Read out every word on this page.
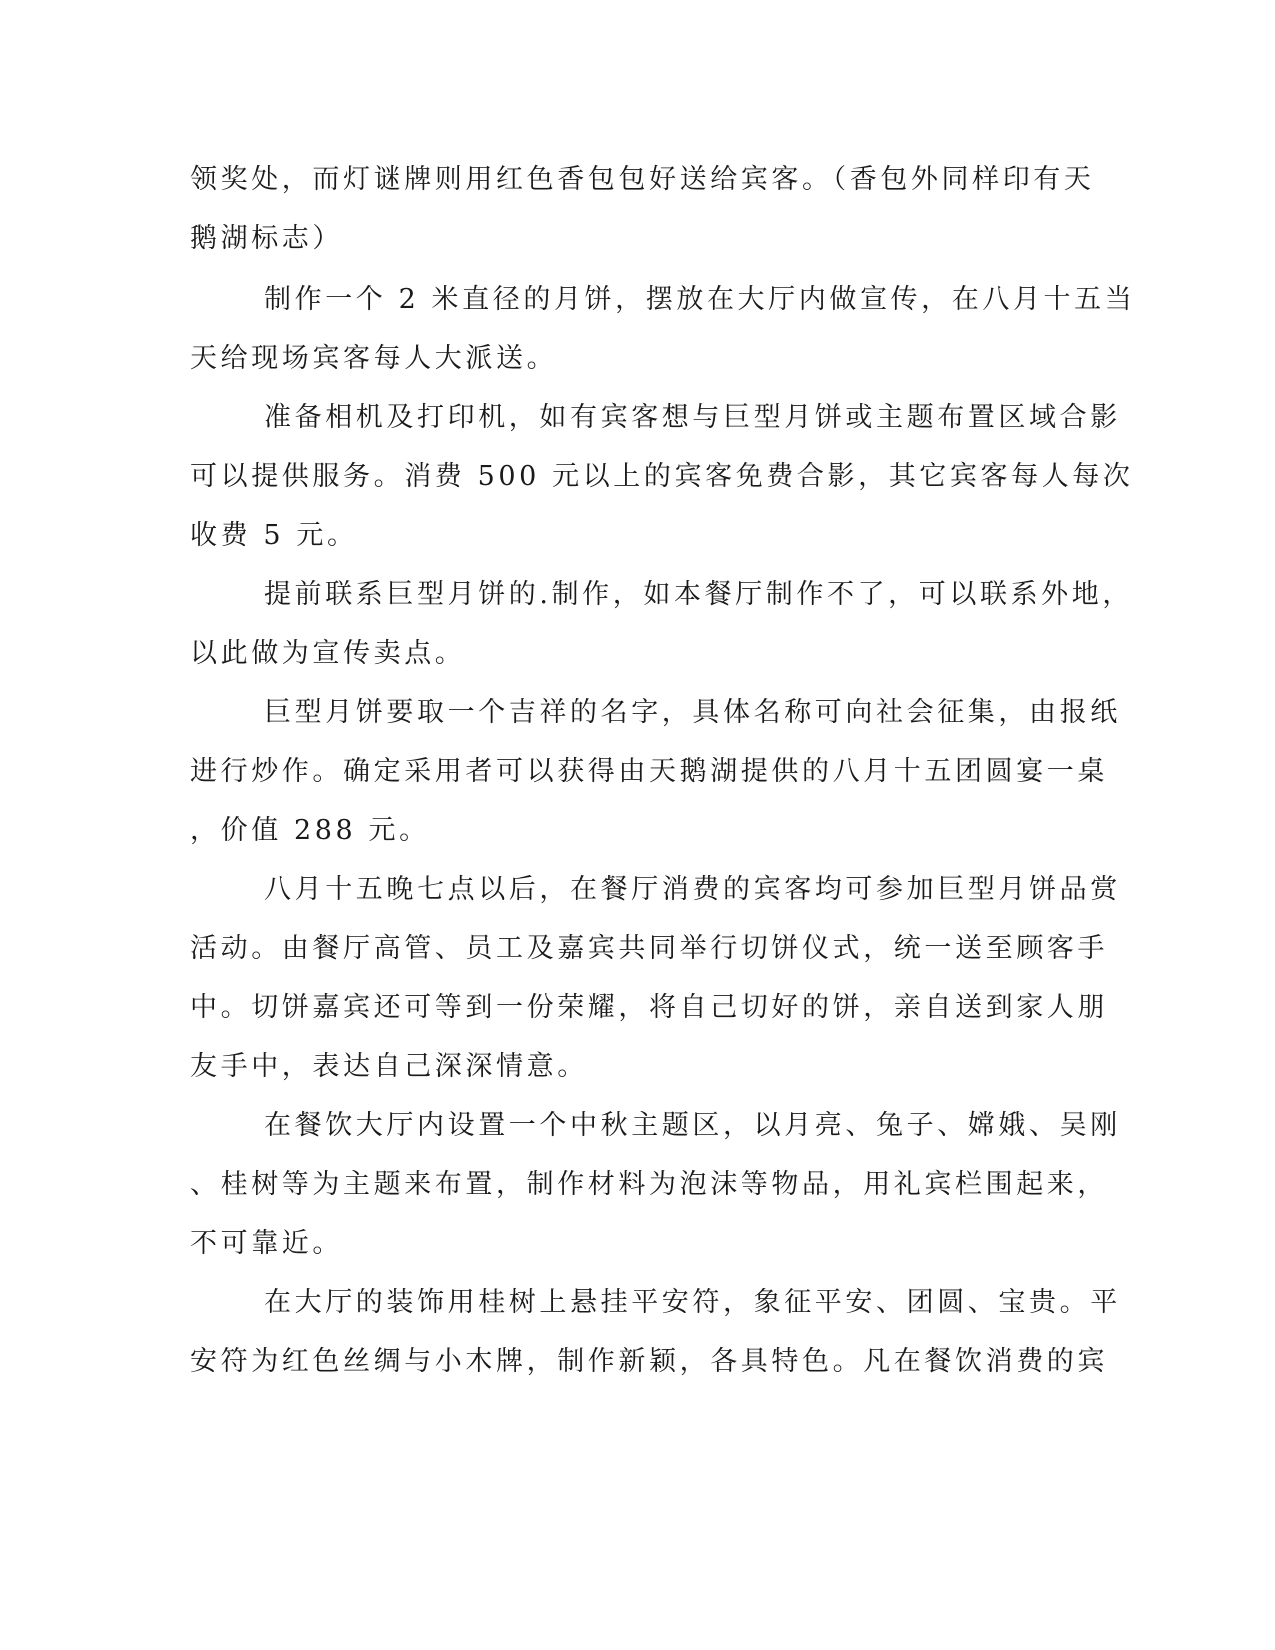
领奖处，而灯谜牌则用红色香包包好送给宾客。（香包外同样印有天
鹅湖标志）
制作一个 2 米直径的月饼，摆放在大厅内做宣传，在八月十五当
天给现场宾客每人大派送。
准备相机及打印机，如有宾客想与巨型月饼或主题布置区域合影
可以提供服务。消费 500 元以上的宾客免费合影，其它宾客每人每次
收费 5 元。
提前联系巨型月饼的.制作，如本餐厅制作不了，可以联系外地，
以此做为宣传卖点。
巨型月饼要取一个吉祥的名字，具体名称可向社会征集，由报纸
进行炒作。确定采用者可以获得由天鹅湖提供的八月十五团圆宴一桌
，价值 288 元。
八月十五晚七点以后，在餐厅消费的宾客均可参加巨型月饼品赏
活动。由餐厅高管、员工及嘉宾共同举行切饼仪式，统一送至顾客手
中。切饼嘉宾还可等到一份荣耀，将自己切好的饼，亲自送到家人朋
友手中，表达自己深深情意。
在餐饮大厅内设置一个中秋主题区，以月亮、兔子、嫦娥、吴刚
、桂树等为主题来布置，制作材料为泡沫等物品，用礼宾栏围起来，
不可靠近。
在大厅的装饰用桂树上悬挂平安符，象征平安、团圆、宝贵。平
安符为红色丝绸与小木牌，制作新颖，各具特色。凡在餐饮消费的宾
